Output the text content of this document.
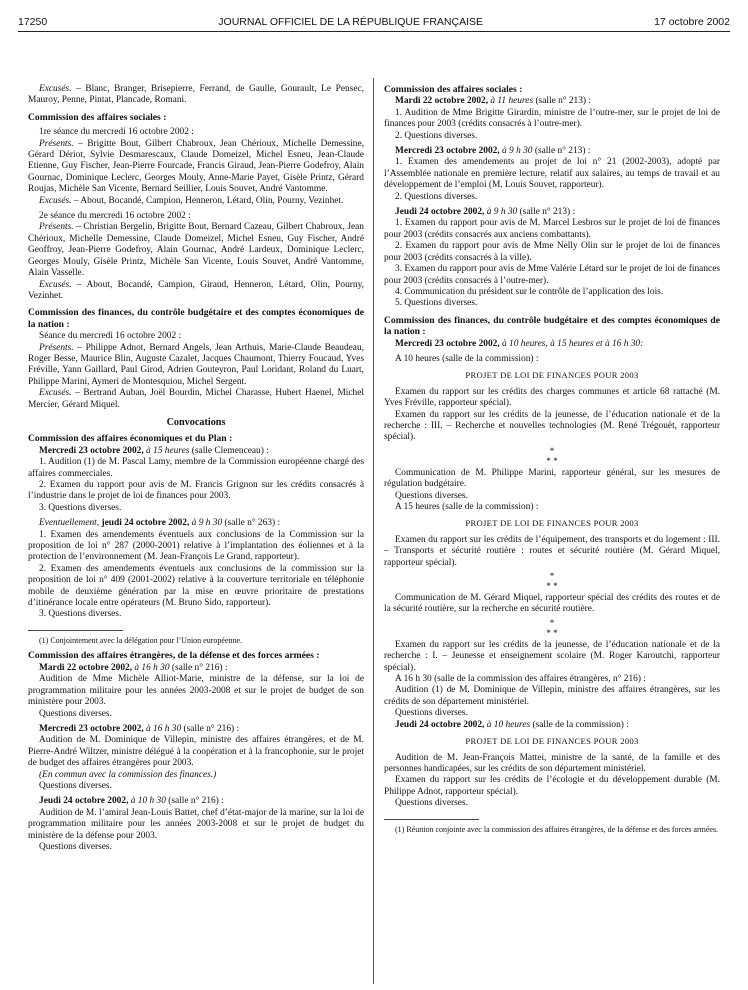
17250	JOURNAL OFFICIEL DE LA RÉPUBLIQUE FRANÇAISE	17 octobre 2002

Excusés. – Blanc, Branger, Brisepierre, Ferrand, de Gaulle, Gourault, Le Pensec, Mauroy, Penne, Pintat, Plancade, Romani.

Commission des affaires sociales :

1re séance du mercredi 16 octobre 2002 :

Présents. – Brigitte Bout, Gilbert Chabroux, Jean Chérioux, Michelle Demessine, Gérard Dériot, Sylvie Desmarescaux, Claude Domeizel, Michel Esneu, Jean-Claude Etienne, Guy Fischer, Jean-Pierre Fourcade, Francis Giraud, Jean-Pierre Godefroy, Alain Gournac, Dominique Leclerc, Georges Mouly, Anne-Marie Payet, Gisèle Printz, Gérard Roujas, Michèle San Vicente, Bernard Seillier, Louis Souvet, André Vantomme.

Excusés. – About, Bocandé, Campion, Henneron, Létard, Olin, Pourny, Vezinhet.

2e séance du mercredi 16 octobre 2002 :

Présents. – Christian Bergelin, Brigitte Bout, Bernard Cazeau, Gilbert Chabroux, Jean Chérioux, Michelle Demessine, Claude Domeizel, Michel Esneu, Guy Fischer, André Geoffroy, Jean-Pierre Godefroy, Alain Gournac, André Lardeux, Dominique Leclerc, Georges Mouly, Gisèle Printz, Michèle San Vicente, Louis Souvet, André Vantomme, Alain Vasselle.

Excusés. – About, Bocandé, Campion, Giraud, Henneron, Létard, Olin, Pourny, Vezinhet.

Commission des finances, du contrôle budgétaire et des comptes économiques de la nation :

Séance du mercredi 16 octobre 2002 :

Présents. – Philippe Adnot, Bernard Angels, Jean Arthuis, Marie-Claude Beaudeau, Roger Besse, Maurice Blin, Auguste Cazalet, Jacques Chaumont, Thierry Foucaud, Yves Fréville, Yann Gaillard, Paul Girod, Adrien Gouteyron, Paul Loridant, Roland du Luart, Philippe Marini, Aymeri de Montesquiou, Michel Sergent.

Excusés. – Bertrand Auban, Joël Bourdin, Michel Charasse, Hubert Haenel, Michel Mercier, Gérard Miquel.

Convocations
Commission des affaires économiques et du Plan :

Mercredi 23 octobre 2002, à 15 heures (salle Clemenceau) :

1. Audition (1) de M. Pascal Lamy, membre de la Commission européenne chargé des affaires commerciales.

2. Examen du rapport pour avis de M. Francis Grignon sur les crédits consacrés à l’industrie dans le projet de loi de finances pour 2003.

3. Questions diverses.

Eventuellement, jeudi 24 octobre 2002, à 9 h 30 (salle n° 263) :

1. Examen des amendements éventuels aux conclusions de la Commission sur la proposition de loi n° 287 (2000-2001) relative à l’implantation des éoliennes et à la protection de l’environnement (M. Jean-François Le Grand, rapporteur).

2. Examen des amendements éventuels aux conclusions de la commission sur la proposition de loi n° 409 (2001-2002) relative à la couverture territoriale en téléphonie mobile de deuxième génération par la mise en œuvre prioritaire de prestations d’itinérance locale entre opérateurs (M. Bruno Sido, rapporteur).

3. Questions diverses.

(1) Conjointement avec la délégation pour l’Union européenne.

Commission des affaires étrangères, de la défense et des forces armées :

Mardi 22 octobre 2002, à 16 h 30 (salle n° 216) :

Audition de Mme Michèle Alliot-Marie, ministre de la défense, sur la loi de programmation militaire pour les années 2003-2008 et sur le projet de budget de son ministère pour 2003.

Questions diverses.

Mercredi 23 octobre 2002, à 16 h 30 (salle n° 216) :

Audition de M. Dominique de Villepin, ministre des affaires étrangères, et de M. Pierre-André Wiltzer, ministre délégué à la coopération et à la francophonie, sur le projet de budget des affaires étrangères pour 2003.

(En commun avec la commission des finances.)

Questions diverses.

Jeudi 24 octobre 2002, à 10 h 30 (salle n° 216) :

Audition de M. l’amiral Jean-Louis Battet, chef d’état-major de la marine, sur la loi de programmation militaire pour les années 2003-2008 et sur le projet de budget du ministère de la défense pour 2003.

Questions diverses.

Commission des affaires sociales :

Mardi 22 octobre 2002, à 11 heures (salle n° 213) :

1. Audition de Mme Brigitte Girardin, ministre de l’outre-mer, sur le projet de loi de finances pour 2003 (crédits consacrés à l’outre-mer).

2. Questions diverses.

Mercredi 23 octobre 2002, à 9 h 30 (salle n° 213) :

1. Examen des amendements au projet de loi n° 21 (2002-2003), adopté par l’Assemblée nationale en première lecture, relatif aux salaires, au temps de travail et au développement de l’emploi (M. Louis Souvet, rapporteur).

2. Questions diverses.

Jeudi 24 octobre 2002, à 9 h 30 (salle n° 213) :

1. Examen du rapport pour avis de M. Marcel Lesbros sur le projet de loi de finances pour 2003 (crédits consacrés aux anciens combattants).

2. Examen du rapport pour avis de Mme Nelly Olin sur le projet de loi de finances pour 2003 (crédits consacrés à la ville).

3. Examen du rapport pour avis de Mme Valérie Létard sur le projet de loi de finances pour 2003 (crédits consacrés à l’outre-mer).

4. Communication du président sur le contrôle de l’application des lois.

5. Questions diverses.

Commission des finances, du contrôle budgétaire et des comptes économiques de la nation :

Mercredi 23 octobre 2002, à 10 heures, à 15 heures et à 16 h 30:

A 10 heures (salle de la commission) :

PROJET DE LOI DE FINANCES POUR 2003

Examen du rapport sur les crédits des charges communes et article 68 rattaché (M. Yves Fréville, rapporteur spécial).

Examen du rapport sur les crédits de la jeunesse, de l’éducation nationale et de la recherche : III. – Recherche et nouvelles technologies (M. René Trégouët, rapporteur spécial).

*
* *

Communication de M. Philippe Marini, rapporteur général, sur les mesures de régulation budgétaire.

Questions diverses.

A 15 heures (salle de la commission) :

PROJET DE LOI DE FINANCES POUR 2003

Examen du rapport sur les crédits de l’équipement, des transports et du logement : III. – Transports et sécurité routière : routes et sécurité routière (M. Gérard Miquel, rapporteur spécial).

*
* *

Communication de M. Gérard Miquel, rapporteur spécial des crédits des routes et de la sécurité routière, sur la recherche en sécurité routière.

*
* *

Examen du rapport sur les crédits de la jeunesse, de l’éducation nationale et de la recherche : I. – Jeunesse et enseignement scolaire (M. Roger Karoutchi, rapporteur spécial).

A 16 h 30 (salle de la commission des affaires étrangères, n° 216) :

Audition (1) de M. Dominique de Villepin, ministre des affaires étrangères, sur les crédits de son département ministériel.

Questions diverses.

Jeudi 24 octobre 2002, à 10 heures (salle de la commission) :

PROJET DE LOI DE FINANCES POUR 2003

Audition de M. Jean-François Mattei, ministre de la santé, de la famille et des personnes handicapées, sur les crédits de son département ministériel.

Examen du rapport sur les crédits de l’écologie et du développement durable (M. Philippe Adnot, rapporteur spécial).

Questions diverses.

(1) Réunion conjointe avec la commission des affaires étrangères, de la défense et des forces armées.
